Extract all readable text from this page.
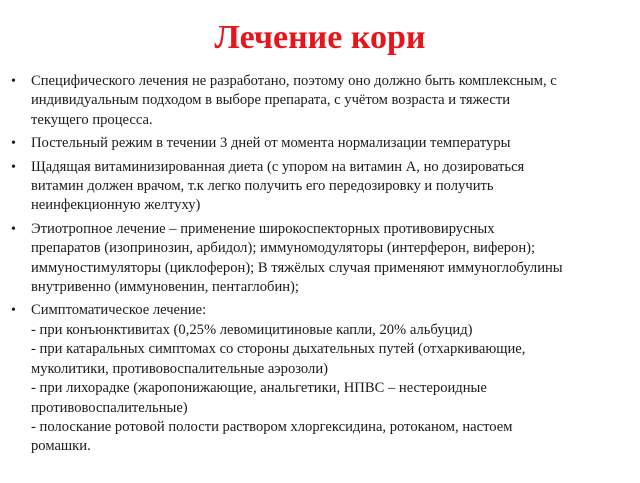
Лечение кори
•	Специфического лечения не разработано, поэтому оно должно быть комплексным, с
индивидуальным подходом в выборе препарата, с учётом возраста и тяжести
текущего процесса.
•	Постельный режим в течении 3 дней от момента нормализации температуры
•	Щадящая витаминизированная диета (с упором на витамин А, но дозироваться
витамин должен врачом, т.к легко получить его передозировку и получить
неинфекционную желтуху)
•	Этиотропное лечение – применение широкоспекторных противовирусных
препаратов (изопринозин, арбидол); иммуномодуляторы (интерферон, виферон);
иммуностимуляторы (циклоферон); В тяжёлых случая применяют иммуноглобулины
внутривенно (иммуновенин, пентаглобин);
•	Симптоматическое лечение:
- при конъюнктивитах (0,25% левомицитиновые капли, 20% альбуцид)
- при катаральных симптомах со стороны дыхательных путей (отхаркивающие,
муколитики, противовоспалительные аэрозоли)
- при лихорадке (жаропонижающие, анальгетики, НПВС – нестероидные
противовоспалительные)
- полоскание ротовой полости раствором хлоргексидина, ротоканом, настоем
ромашки.
